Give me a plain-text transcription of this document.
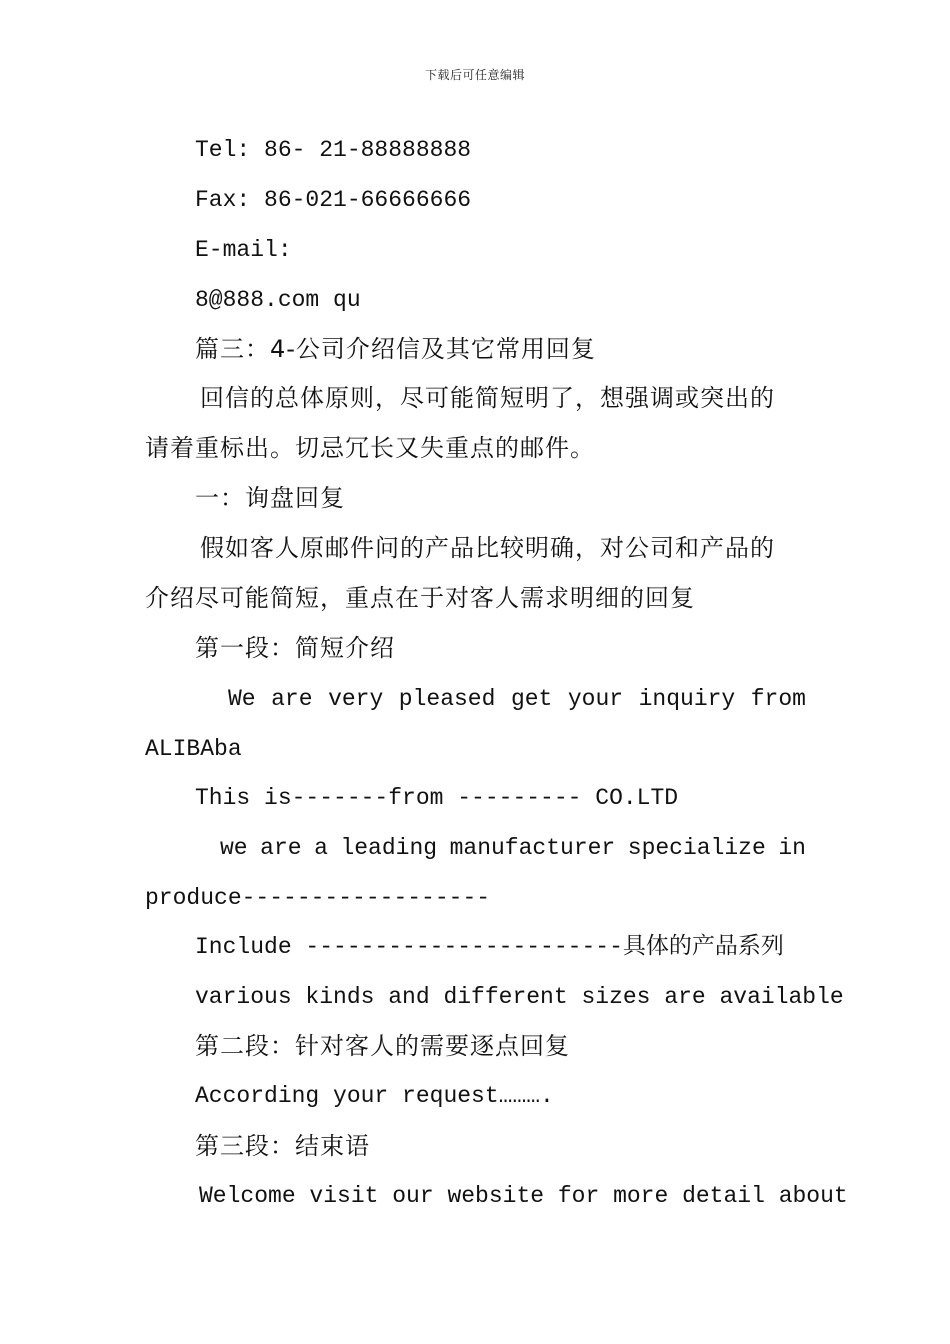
下载后可任意编辑
Tel: 86- 21-88888888
Fax: 86-021-66666666
E-mail:
8@888.com qu
篇三：4-公司介绍信及其它常用回复
回信的总体原则，尽可能简短明了，想强调或突出的
请着重标出。切忌冗长又失重点的邮件。
一：询盘回复
假如客人原邮件问的产品比较明确，对公司和产品的
介绍尽可能简短，重点在于对客人需求明细的回复
第一段：简短介绍
We are very pleased get your inquiry from
ALIBAba
This is-------from --------- CO.LTD
we are a leading manufacturer specialize in
produce------------------
Include -----------------------具体的产品系列
various kinds and different sizes are available
第二段：针对客人的需要逐点回复
According your request……….
第三段：结束语
Welcome visit our website for more detail about
